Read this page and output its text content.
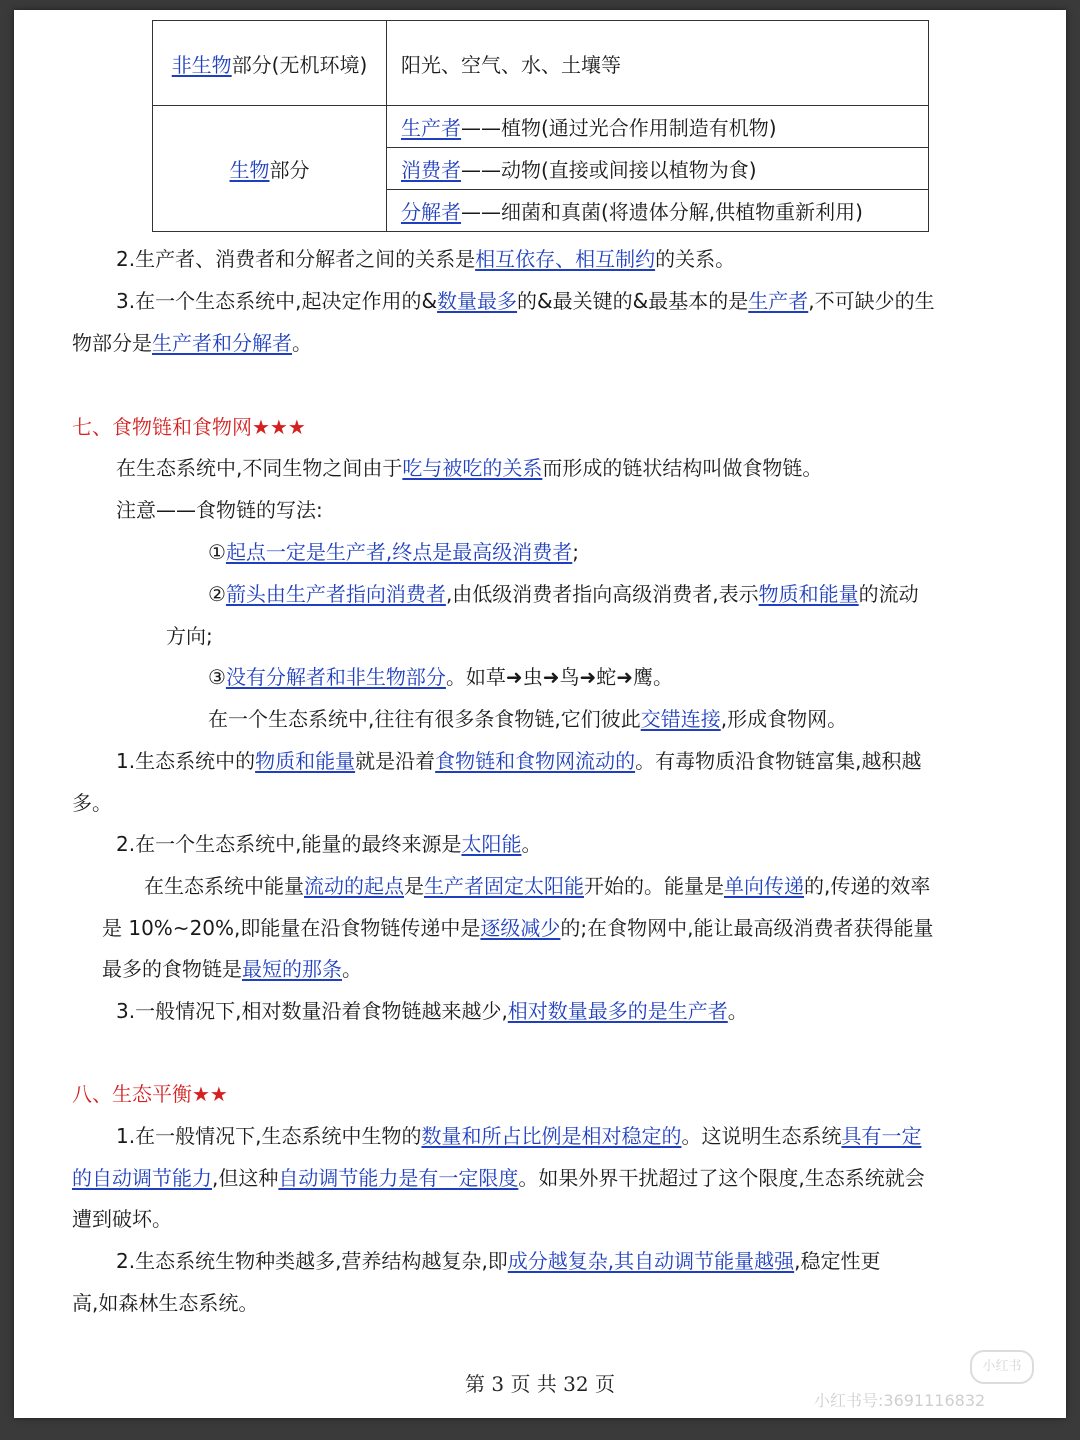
非生物部分(无机环境)	阳光、空气、水、土壤等
生物部分	生产者——植物(通过光合作用制造有机物)
	消费者——动物(直接或间接以植物为食)
	分解者——细菌和真菌(将遗体分解,供植物重新利用)
2.生产者、消费者和分解者之间的关系是相互依存、相互制约的关系。
3.在一个生态系统中,起决定作用的&数量最多的&最关键的&最基本的是生产者,不可缺少的生
物部分是生产者和分解者。
七、食物链和食物网★★★
在生态系统中,不同生物之间由于吃与被吃的关系而形成的链状结构叫做食物链。
注意——食物链的写法:
①起点一定是生产者,终点是最高级消费者;
②箭头由生产者指向消费者,由低级消费者指向高级消费者,表示物质和能量的流动
方向;
③没有分解者和非生物部分。如草➜虫➜鸟➜蛇➜鹰。
在一个生态系统中,往往有很多条食物链,它们彼此交错连接,形成食物网。
1.生态系统中的物质和能量就是沿着食物链和食物网流动的。有毒物质沿食物链富集,越积越
多。
2.在一个生态系统中,能量的最终来源是太阳能。
在生态系统中能量流动的起点是生产者固定太阳能开始的。能量是单向传递的,传递的效率
是 10%~20%,即能量在沿食物链传递中是逐级减少的;在食物网中,能让最高级消费者获得能量
最多的食物链是最短的那条。
3.一般情况下,相对数量沿着食物链越来越少,相对数量最多的是生产者。
八、生态平衡★★
1.在一般情况下,生态系统中生物的数量和所占比例是相对稳定的。这说明生态系统具有一定
的自动调节能力,但这种自动调节能力是有一定限度。如果外界干扰超过了这个限度,生态系统就会
遭到破坏。
2.生态系统生物种类越多,营养结构越复杂,即成分越复杂,其自动调节能量越强,稳定性更
高,如森林生态系统。
第 3 页 共 32 页
小红书
小红书号:3691116832
